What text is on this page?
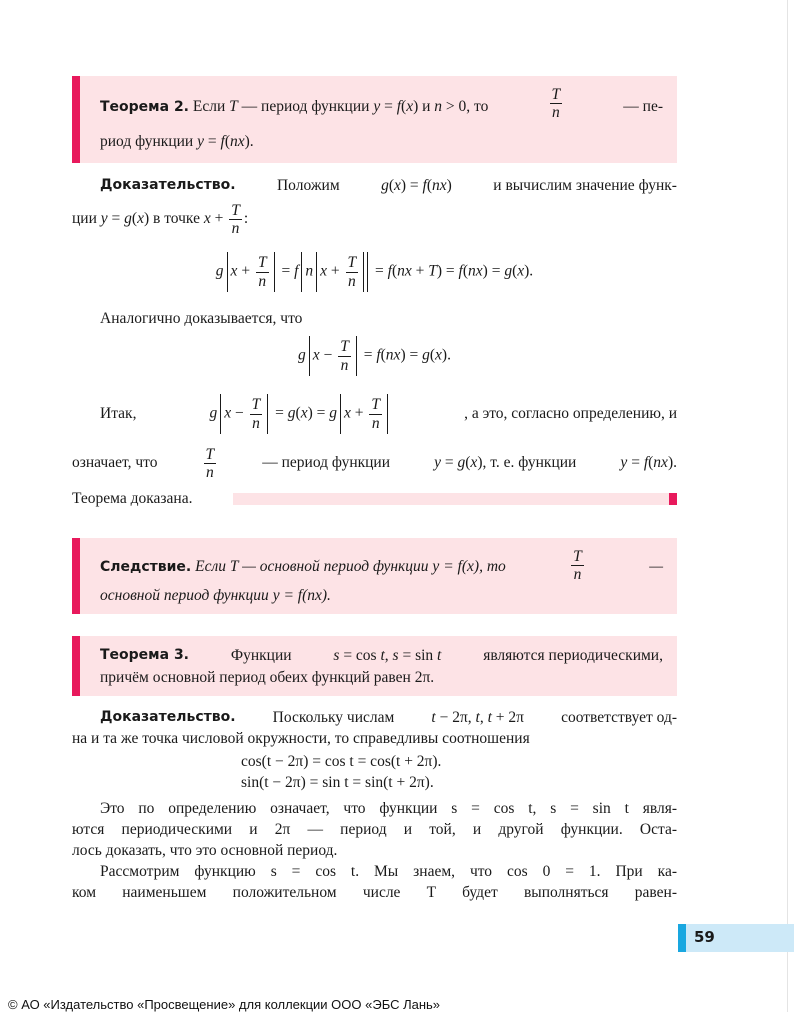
Теорема 2. Если T — период функции y = f(x) и n > 0, то	$\frac{T}{n}$	— пе-
риод функции y = f(nx).
Доказательство.	Положим	g(x) = f(nx)	и вычислим значение функ-
ции y = g(x) в точке $x + \frac{T}{n}$ :
g $x + \frac{T}{n} = f$ n $x + \frac{T}{n} = f(nx + T) = f(nx) = g(x)$.
Аналогично доказывается, что
g $x - \frac{T}{n} = f(nx) = g(x)$.
Итак,	g $x - \frac{T}{n} = g(x) = g$ $x + \frac{T}{n}$	, а это, согласно определению, и
означает, что	$\frac{T}{n}$	— период функции	y = g(x), т. е. функции	y = f(nx).
Теорема доказана.
Следствие. Если T — основной период функции y = f(x), то	$\frac{T}{n}$	—
основной период функции y = f(nx).
Теорема 3.	Функции	s = cos t, s = sin t	являются периодическими,
причём основной период обеих функций равен 2π.
Доказательство. Поскольку числам t − 2π, t, t + 2π соответствует од-
на и та же точка числовой окружности, то справедливы соотношения
cos(t − 2π) = cos t = cos(t + 2π).
sin(t − 2π) = sin t = sin(t + 2π).
Это по определению означает, что функции s = cos t, s = sin t явля-
ются периодическими и 2π — период и той, и другой функции. Оста-
лось доказать, что это основной период.
Рассмотрим функцию s = cos t. Мы знаем, что cos 0 = 1. При ка-
ком наименьшем положительном числе T будет выполняться равен-
59
© АО «Издательство «Просвещение» для коллекции ООО «ЭБС Лань»
